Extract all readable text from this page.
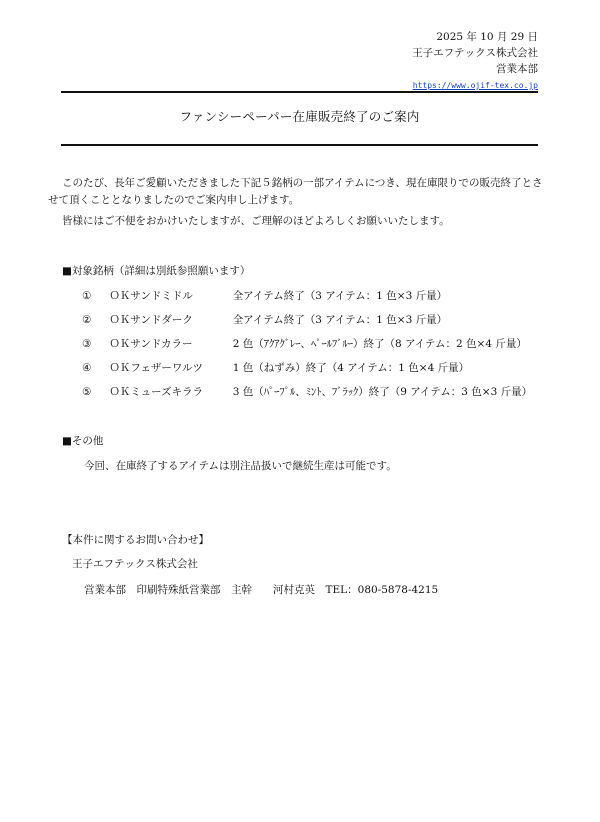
2025 年 10 月 29 日
王子エフテックス株式会社
営業本部
https://www.ojif-tex.co.jp
ファンシーペーパー在庫販売終了のご案内
このたび、長年ご愛顧いただきました下記５銘柄の一部アイテムにつき、現在庫限りでの販売終了とさせて頂くこととなりましたのでご案内申し上げます。
皆様にはご不便をおかけいたしますが、ご理解のほどよろしくお願いいたします。
■対象銘柄（詳細は別紙参照願います）
① ＯＫサンドミドル	全アイテム終了（3 アイテム：1 色×3 斤量）
② ＯＫサンドダーク	全アイテム終了（3 アイテム：1 色×3 斤量）
③ ＯＫサンドカラー	2 色（ｱｸｱｸﾞﾚｰ、ﾍﾟｰﾙﾌﾞﾙｰ）終了（8 アイテム：2 色×4 斤量）
④ ＯＫフェザーワルツ	1 色（ねずみ）終了（4 アイテム：1 色×4 斤量）
⑤ ＯＫミューズキララ	3 色（ﾊﾟｰﾌﾟﾙ、ﾐﾝﾄ、ﾌﾞﾗｯｸ）終了（9 アイテム：3 色×3 斤量）
■その他
今回、在庫終了するアイテムは別注品扱いで継続生産は可能です。
【本件に関するお問い合わせ】
王子エフテックス株式会社
営業本部　印刷特殊紙営業部　主幹　　河村克英　TEL：080-5878-4215
